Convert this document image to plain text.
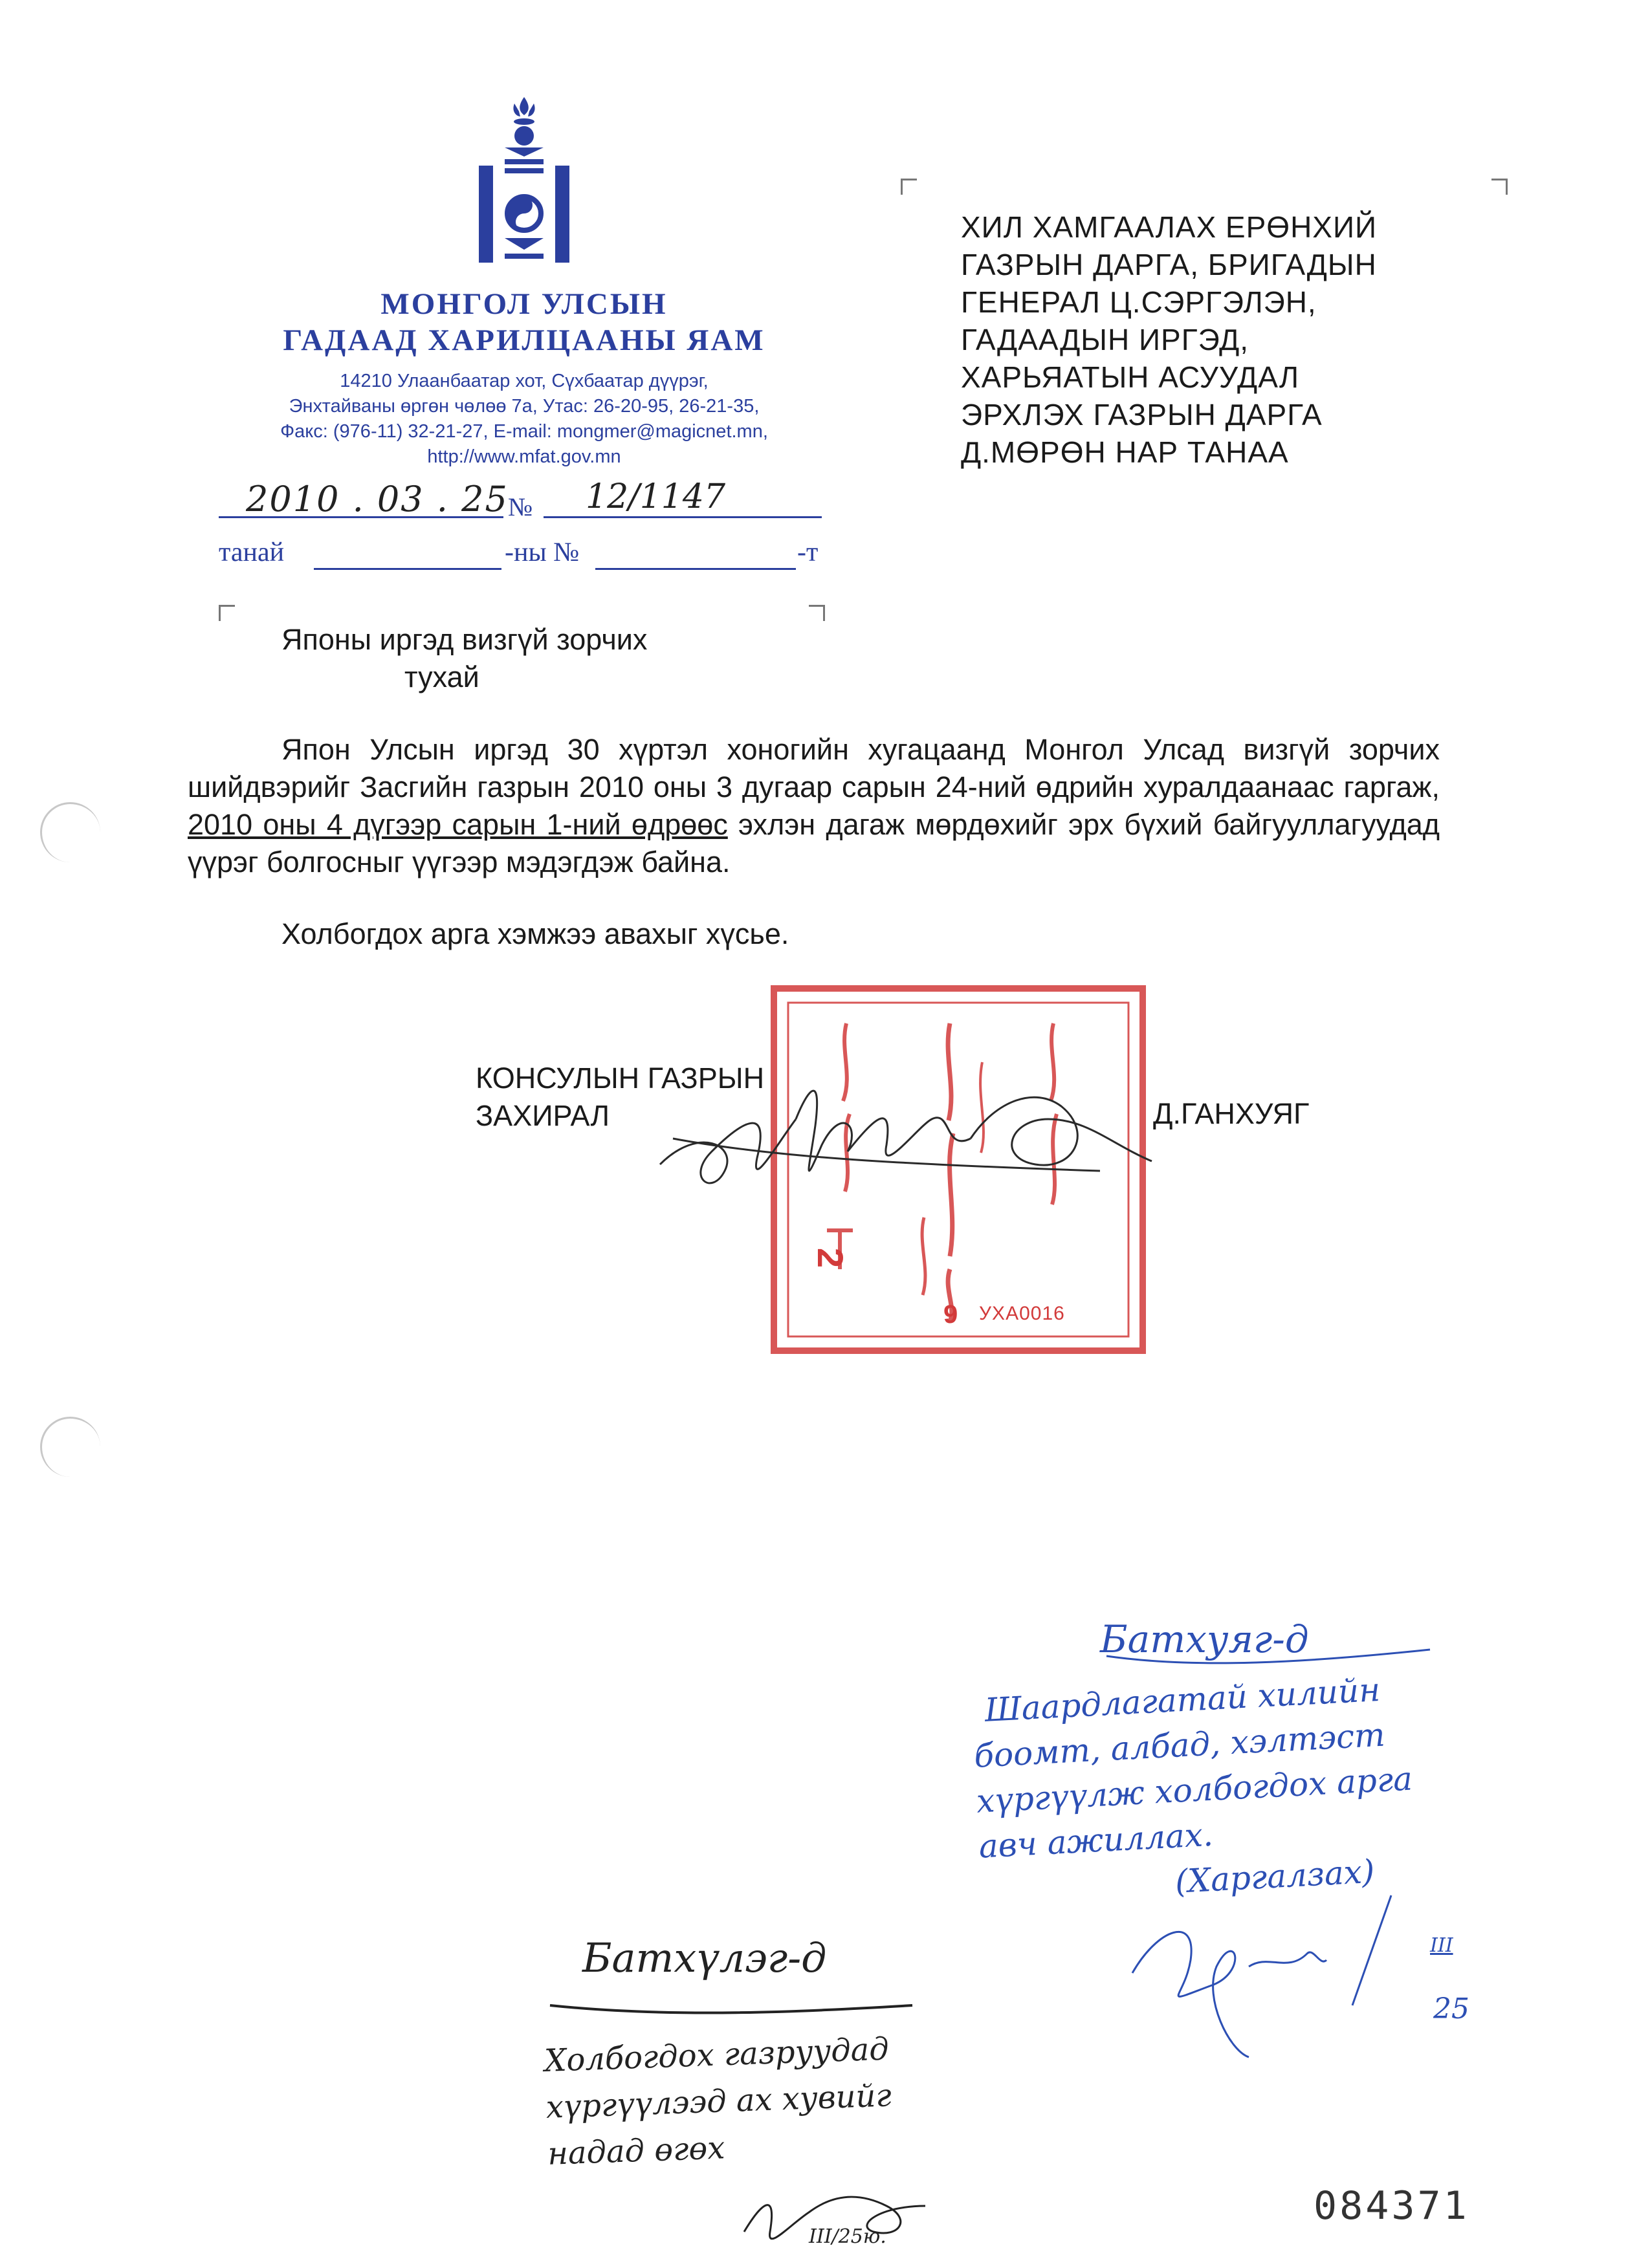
МОНГОЛ УЛСЫН
ГАДААД ХАРИЛЦААНЫ ЯАМ
14210 Улаанбаатар хот, Сүхбаатар дүүрэг,
Энхтайваны өргөн чөлөө 7а, Утас: 26-20-95, 26-21-35,
Факс: (976-11) 32-21-27, E-mail: mongmer@magicnet.mn,
http://www.mfat.gov.mn
2010 . 03 . 25 № 12/1147
танай	-ны №	-т
ХИЛ ХАМГААЛАХ ЕРӨНХИЙ
ГАЗРЫН ДАРГА, БРИГАДЫН
ГЕНЕРАЛ Ц.СЭРГЭЛЭН,
ГАДААДЫН ИРГЭД,
ХАРЬЯАТЫН АСУУДАЛ
ЭРХЛЭХ ГАЗРЫН ДАРГА
Д.МӨРӨН НАР ТАНАА
Японы иргэд визгүй зорчих
тухай
Япон Улсын иргэд 30 хүртэл хоногийн хугацаанд Монгол Улсад визгүй зорчих шийдвэрийг Засгийн газрын 2010 оны 3 дугаар сарын 24-ний өдрийн хуралдаанаас гаргаж, 2010 оны 4 дүгээр сарын 1-ний өдрөөс эхлэн дагаж мөрдөхийг эрх бүхий байгууллагуудад үүрэг болгосныг үүгээр мэдэгдэж байна.
Холбогдох арга хэмжээ авахыг хүсье.
2
9 УХА0016
КОНСУЛЫН ГАЗРЫН
ЗАХИРАЛ	Д.ГАНХУЯГ
Батхуяг-д
Шаардлагатай хилийн
боомт, албад, хэлтэст
хүргүүлж холбогдох арга
авч ажиллах.
(Харгалзах)
III
25
Батхүлэг-д
Холбогдох газруудад
хүргүүлээд ах хувийг
надад өгөх
III/25ю.
084371
